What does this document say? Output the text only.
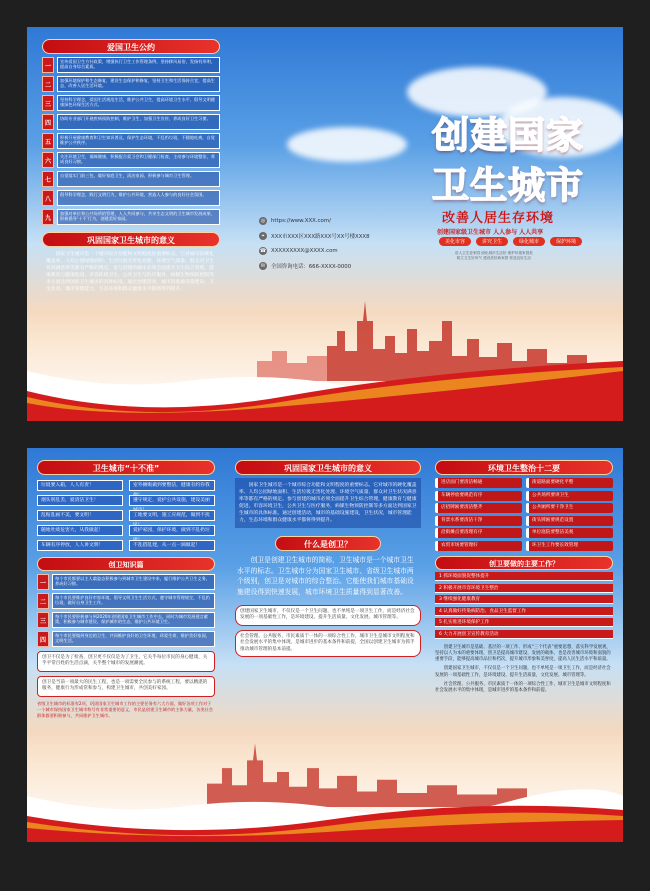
爱国卫生公约
一
宣传爱国卫生方针政策，增强执行卫生工作管理条例，坚持移风易俗，发扬有形明，提高自身综合素质。
二
加强环境保护和生态修复，建设生态保护和修复，坚持卫生和生活保持合宜，提高生态，改善人居生活环境。
三
坚持科学理念，爱国生活规范生活，维护公共卫生，提高环境卫生水平，倡导文明健康绿色环保生活方式。
四
协助专业部门开展疾病预防控制，维护卫生，加强卫生宣传，养成良好卫生习惯。
五
积极开展健康教育和卫生知识普及，保护生态环境，不乱扔垃圾，不随地吐痰，自觉维护公共秩序。
六
关注环境卫生，保障健康，积极配合爱卫会和卫健部门检查，主动参与环境整治，养成良好习惯。
七
自觉落实门前三包，做好家庭卫生，清洁家园，积极参与城市卫生管理。
八
倡导科学理念，践行文明行为，维护公共环境，营造人人参与的良好社会氛围。
九
加强对单位和公共场所的管理，人人共同参与，共享生态文明的卫生城市发展成果，积极倡导‘十不’行为，创建美好家园。
巩固国家卫生城市的意义
国家卫生城市是一个城市综合功能和文明程度的重要标志。它对城市的硬化覆盖率、人均公园绿地面积、生活垃圾无害化处理、环境空气质量、群众对卫生状况满意率等都有严格的规定。参与创建的城市必须全面提升卫生综合管理，健康教育与健康促进，市容环境卫生，公共卫生与医疗服务，病媒生物预防控制等多方面达到国家卫生城市的具体标准。通过创建活动，城市的基础设施建设、卫生状况、城市管理能力，生态环境和群众健康水平都将得到提升。
◎	https://www.XXX.com/
⌖	XXX市XXX区XXX路XXX号XX号楼XXX8
☎ XXXXXXXXX@XXXX.com
✉	全国咨询电话：666-XXXX-0000
创建国家
卫生城市
改善人居生存环境
创建国家级卫生城市 人人参与 人人共享
美化市容	讲究卫生	绿化城市	保护环境
讲人卫生爱家园 绿化城市生活好 保护环境家园美
树立卫生好风气 建设美好新家园 营造良好生活
卫生城市“十不准”
垃圾要入箱，人人有责！	室外摊贩做到要整洁，健康有约你我
烟头别乱丢，爱清洁卫生！	遵守规定，爱护公共设施，建设美丽
乱贴乱画不美，要文明！	工地要文明，施工应规范，做到不扰
随地吐痰危害大，从我做起！	爱护家园，保护环境，做到不乱扔垃
车辆有序停放，人人讲文明！	不乱搭乱建，从一点一滴做起！
创卫知识篇
一
每个市民都要以主人翁姿态积极参与到城市卫生建设中来，履行维护公共卫生义务，养成好习惯。
二
每个市民要维护良好市容环境，倡导文明卫生生活方式，遵守城市管理规定，不乱扔垃圾，做好自身卫生工作。
三
每个市民要积极参与到2020年创建国家卫生城市工作中去，同时为城市发展建言献策，积极参与城市建设，保护城市的生态，维护公共环境卫生。
四
每个市民要做到身边的卫生，共同维护良好的卫生环境，珍爱生命，维护美好家园，文明生活。
创卫不仅是为了检查，创卫更不仅仅是为了卫生，它关乎每位市民的身心健康，关乎平常百姓的生活点滴，关乎整个城市的发展潮流。
创卫是当前一项最大的民生工程，也是一项需要全民参与的系统工程，要以精湛的服务，健康行为形成常和参与，构建卫生城市，共创美好家园。
省级卫生城市的标准有2项，巩固国家卫生城市工作的主要任务有六大方面，做好各项工作对于一个城市保持国家卫生城市称号有非常重要的意义，市民是创建卫生城市的主体力量，各类社会群体都要积极参与，共同维护卫生城市。
巩固国家卫生城市的意义
国家卫生城市是一个城市综合功能和文明程度的重要标志。它对城市的硬化覆盖率、人均公园绿地面积、生活垃圾无害化处理、环境空气质量、群众对卫生状况满意率等都有严格的规定。参与创建的城市必须全面提升卫生综合管理，健康教育与健康促进，市容环境卫生，公共卫生与医疗服务，病媒生物预防控制等多方面达到国家卫生城市的具体标准。通过创建活动，城市的基础设施建设，卫生状况，城市管理能力，生态环境和群众健康水平都将得到提升。
什么是创卫？
创卫是创建卫生城市的简称，卫生城市是一个城市卫生水平的标志。卫生城市分为国家卫生城市、省级卫生城市两个级别，创卫是对城市的综合整治。它能使我们城市基础设施建设得到快速发展，城市环境卫生质量得到显著改善。
创建国家卫生城市，不仅仅是一个卫生问题，也不单纯是一项卫生工作，而是经济社会发展的一项基础性工作，是环境建设、提升生活质量、文化发展、城市管理等。
社会管理、公共服务，市民素质于一体的一项综合性工作，城市卫生是城市文明程度和社会发展水平的集中体现，是城市进步的基本条件和前提，全国以创建卫生城市为抓手推动城市管理的基本前提。
环境卫生整治十二要
进店面门要清洁畅通	街道路面要硬化平整
车辆停放要规范有序	公共场所要讲卫生
店招牌匾要清洁整齐	公共厕所要干净卫生
背景水系要清洁干净	街头牌匾要规范设置
沿街摊点要清理有序	单位庭院要整洁美观
农贸市场要管理好	环卫生工作要长效管理
创卫要做的主要工作？
1 抓环境面貌促整体提升
2 积极开展市容环境卫生整治
3 继续强化健康教育
4 认真做好传染病防治、食品卫生监督工作
5 扎实推进环境保护工作
6 大力开展创卫宣传教育活动
创建卫生城市是基础、基层的一项工作、形成“三个代表”重要思想，落实科学发展观，坚持以人为本的重要体现，创卫是提高城市建设、发展的载体，也是改善城市环境和面貌的重要手段，能够提高城市品位和档次，提升城市形象和美誉度，提高人民生活水平和质量。
创建国家卫生城市，不仅仅是一个卫生问题，也不单纯是一项卫生工作，而是经济社会发展的一项基础性工作，是环境建设、提升生活质量，文化发展、城市管理等。
社会管理、公共服务、市民素质于一体的一项综合性工作，城市卫生是城市文明程度和社会发展水平的集中体现，是城市进步的基本条件和前提。
